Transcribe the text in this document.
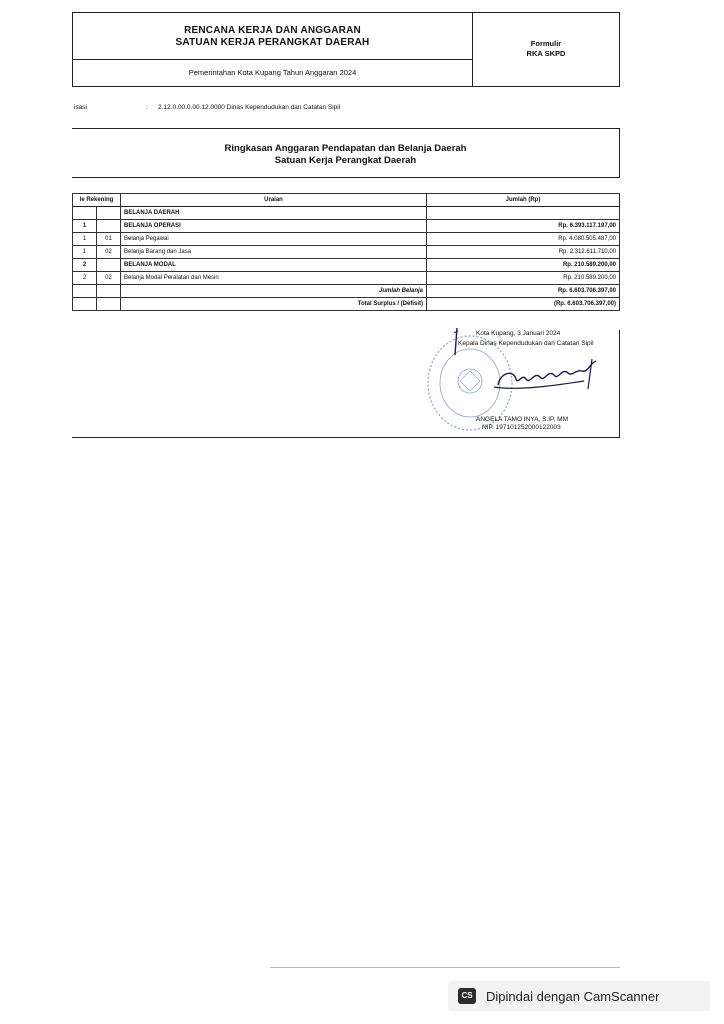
RENCANA KERJA DAN ANGGARAN
SATUAN KERJA PERANGKAT DAERAH
Pemerintahan Kota Kupang Tahun Anggaran 2024
Formulir
RKA SKPD
isasi	: 2.12.0.00.0.00.12.0000 Dinas Kependudukan dan Catatan Sipil
Ringkasan Anggaran Pendapatan dan Belanja Daerah
Satuan Kerja Perangkat Daerah
le Rekening		Uraian	Jumlah (Rp)
		BELANJA DAERAH	
1		BELANJA OPERASI	Rp. 6.393.117.197,00
1	01	Belanja Pegawai	Rp. 4.080.505.487,00
1	02	Belanja Barang dan Jasa	Rp. 2.312.611.710,00
2		BELANJA MODAL	Rp. 210.589.200,00
2	02	Belanja Modal Peralatan dan Mesin	Rp. 210.589.200,00
		Jumlah Belanja	Rp. 6.603.706.397,00
		Total Surplus / (Defisit)	(Rp. 6.603.706.397,00)
Kota Kupang, 3 Januari 2024
Kepala Dinas Kependudukan dan Catatan Sipil
ANGELA TAMO INYA, S.IP, MM
NIP. 197101252000122003
CS Dipindai dengan CamScanner
